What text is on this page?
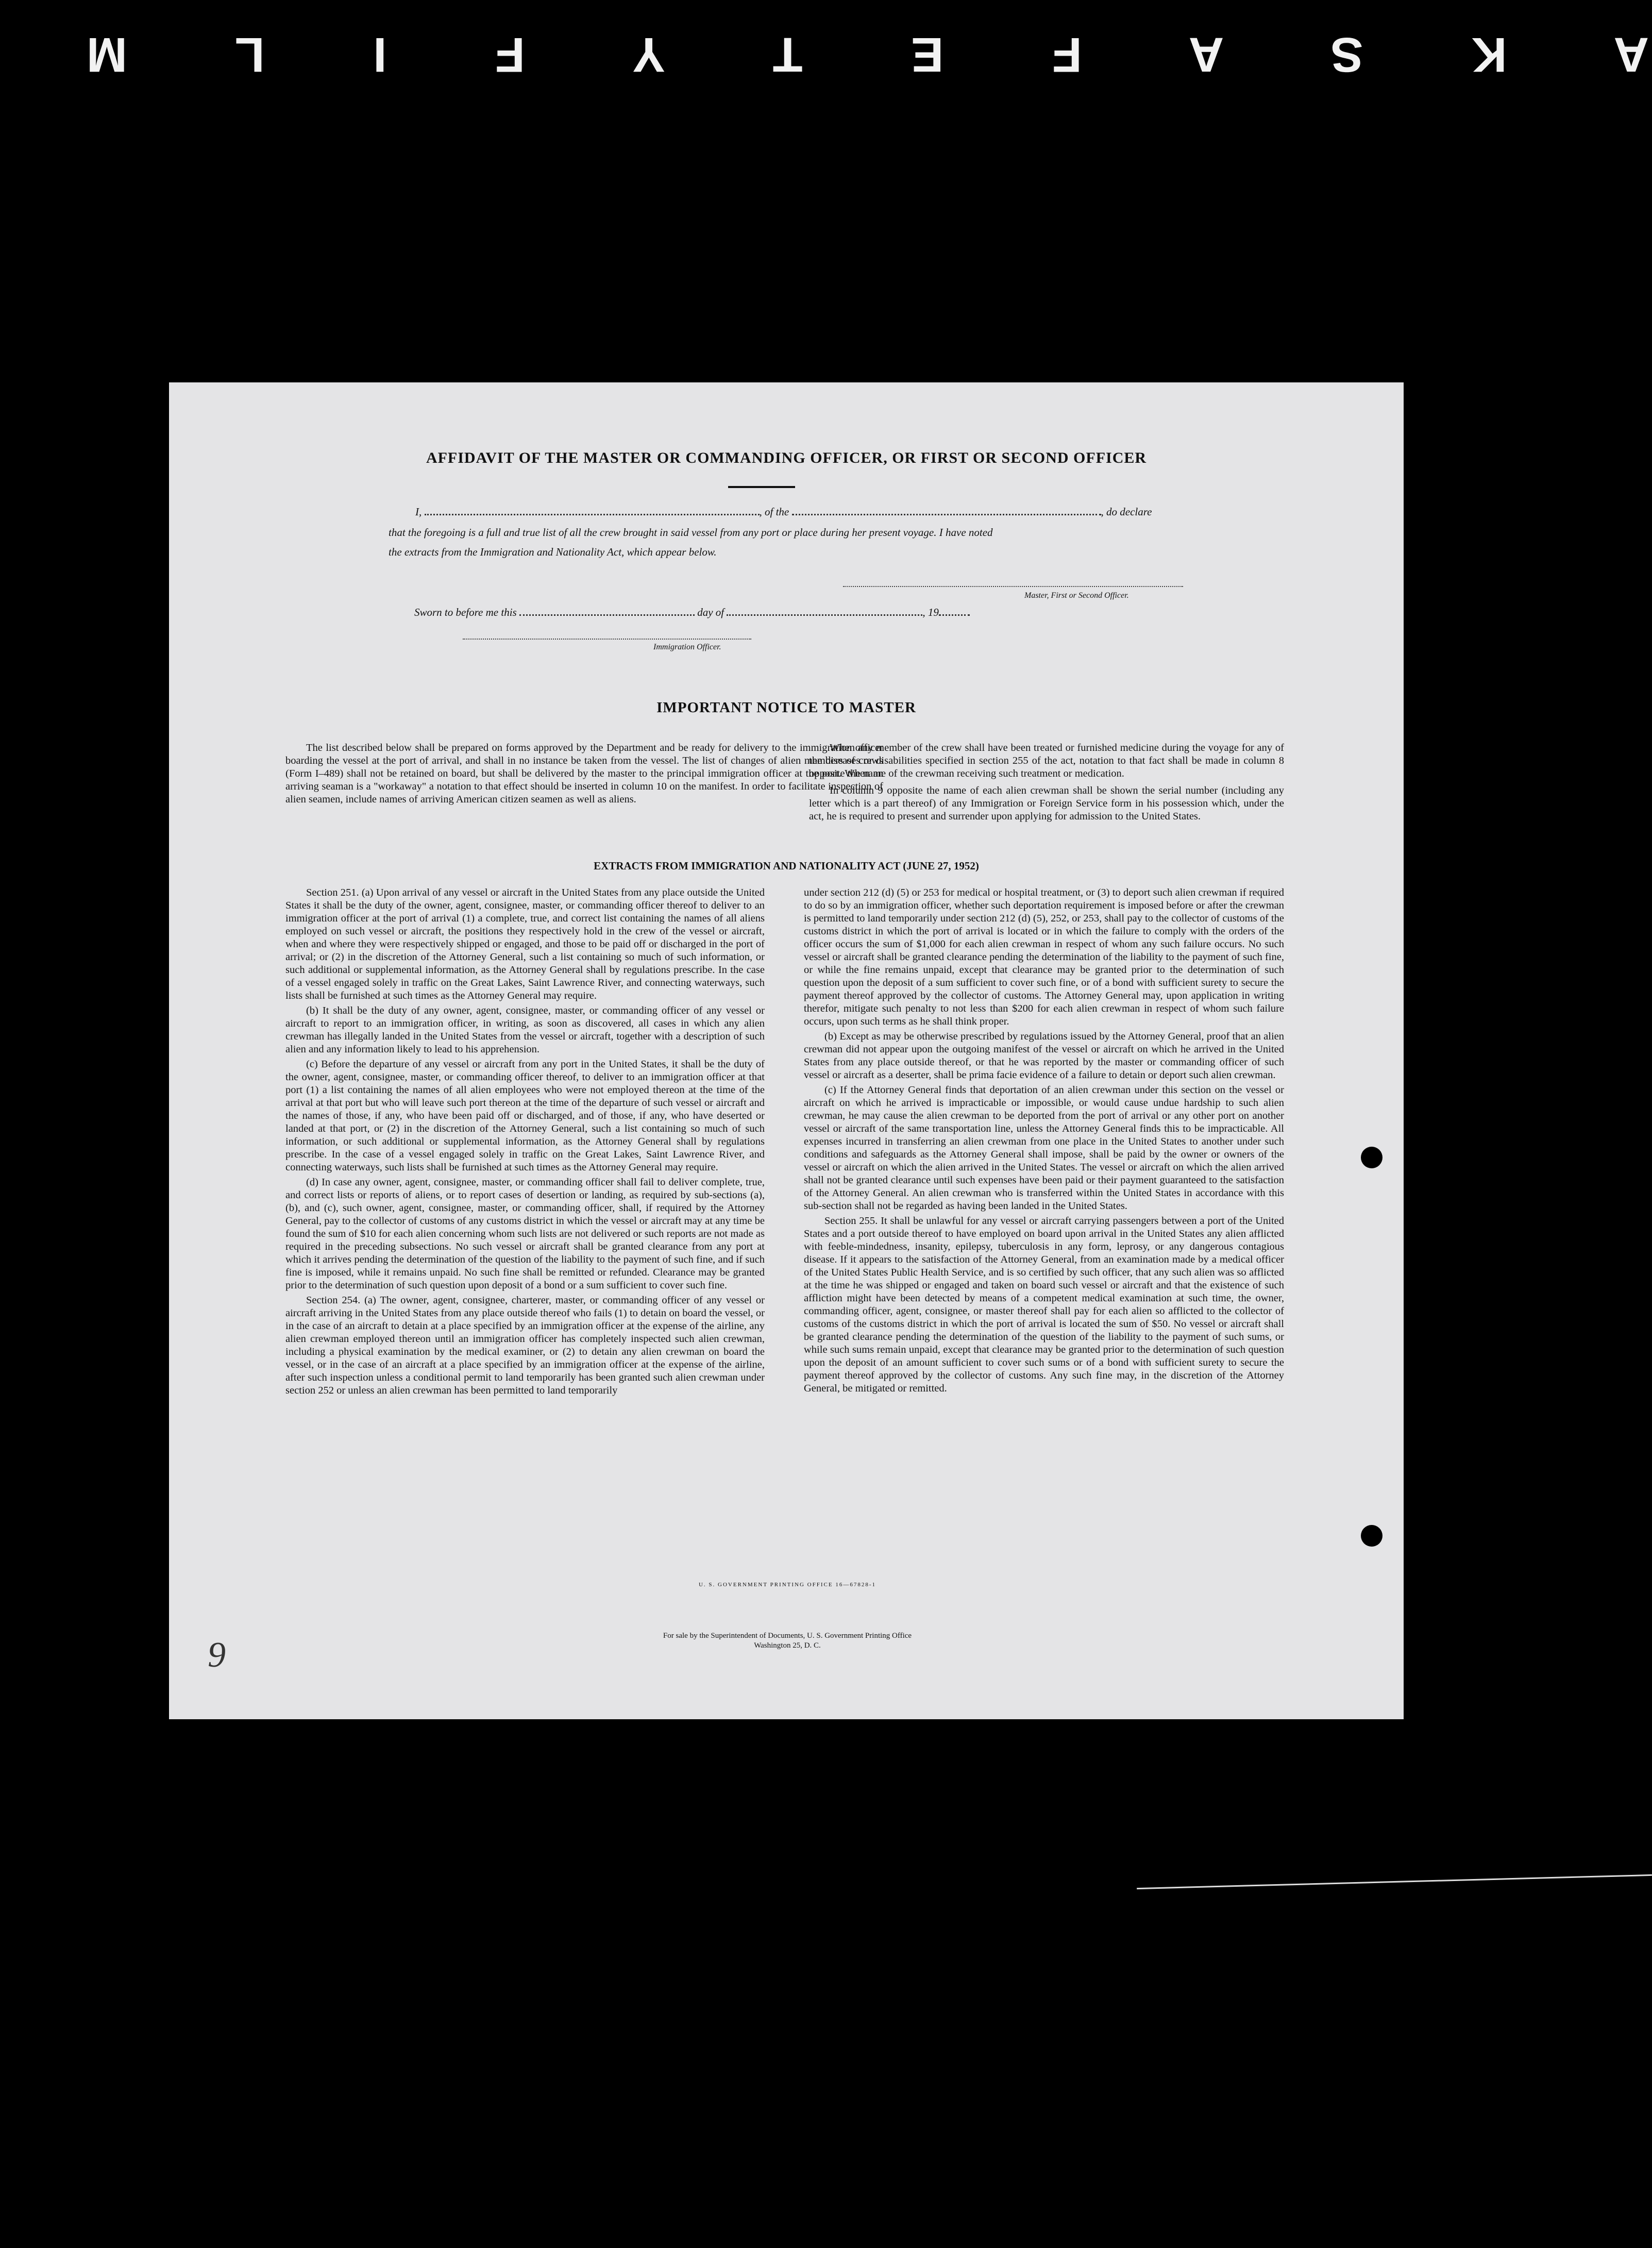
A K S A F E T Y F I L M
AFFIDAVIT OF THE MASTER OR COMMANDING OFFICER, OR FIRST OR SECOND OFFICER
I,	, of the	, do declare
that the foregoing is a full and true list of all the crew brought in said vessel from any port or place during her present voyage. I have noted
the extracts from the Immigration and Nationality Act, which appear below.
Master, First or Second Officer.
Sworn to before me this	day of	, 19
Immigration Officer.
IMPORTANT NOTICE TO MASTER

The list described below shall be prepared on forms approved by the Department and be ready for delivery to the immigration officer boarding the vessel at the port of arrival, and shall in no instance be taken from the vessel. The list of changes of alien members of crews (Form I–489) shall not be retained on board, but shall be delivered by the master to the principal immigration officer at the port. When an arriving seaman is a "workaway" a notation to that effect should be inserted in column 10 on the manifest. In order to facilitate inspection of alien seamen, include names of arriving American citizen seamen as well as aliens.

When any member of the crew shall have been treated or furnished medicine during the voyage for any of the diseases or disabilities specified in section 255 of the act, notation to that fact shall be made in column 8 opposite the name of the crewman receiving such treatment or medication.

In column 9 opposite the name of each alien crewman shall be shown the serial number (including any letter which is a part thereof) of any Immigration or Foreign Service form in his possession which, under the act, he is required to present and surrender upon applying for admission to the United States.

EXTRACTS FROM IMMIGRATION AND NATIONALITY ACT (JUNE 27, 1952)

Section 251. (a) Upon arrival of any vessel or aircraft in the United States from any place outside the United States it shall be the duty of the owner, agent, consignee, master, or commanding officer thereof to deliver to an immigration officer at the port of arrival (1) a complete, true, and correct list containing the names of all aliens employed on such vessel or aircraft, the positions they respectively hold in the crew of the vessel or aircraft, when and where they were respectively shipped or engaged, and those to be paid off or discharged in the port of arrival; or (2) in the discretion of the Attorney General, such a list containing so much of such information, or such additional or supplemental information, as the Attorney General shall by regulations prescribe. In the case of a vessel engaged solely in traffic on the Great Lakes, Saint Lawrence River, and connecting waterways, such lists shall be furnished at such times as the Attorney General may require.

(b) It shall be the duty of any owner, agent, consignee, master, or commanding officer of any vessel or aircraft to report to an immigration officer, in writing, as soon as discovered, all cases in which any alien crewman has illegally landed in the United States from the vessel or aircraft, together with a description of such alien and any information likely to lead to his apprehension.

(c) Before the departure of any vessel or aircraft from any port in the United States, it shall be the duty of the owner, agent, consignee, master, or commanding officer thereof, to deliver to an immigration officer at that port (1) a list containing the names of all alien employees who were not employed thereon at the time of the arrival at that port but who will leave such port thereon at the time of the departure of such vessel or aircraft and the names of those, if any, who have been paid off or discharged, and of those, if any, who have deserted or landed at that port, or (2) in the discretion of the Attorney General, such a list containing so much of such information, or such additional or supplemental information, as the Attorney General shall by regulations prescribe. In the case of a vessel engaged solely in traffic on the Great Lakes, Saint Lawrence River, and connecting waterways, such lists shall be furnished at such times as the Attorney General may require.

(d) In case any owner, agent, consignee, master, or commanding officer shall fail to deliver complete, true, and correct lists or reports of aliens, or to report cases of desertion or landing, as required by sub-sections (a), (b), and (c), such owner, agent, consignee, master, or commanding officer, shall, if required by the Attorney General, pay to the collector of customs of any customs district in which the vessel or aircraft may at any time be found the sum of $10 for each alien concerning whom such lists are not delivered or such reports are not made as required in the preceding subsections. No such vessel or aircraft shall be granted clearance from any port at which it arrives pending the determination of the question of the liability to the payment of such fine, and if such fine is imposed, while it remains unpaid. No such fine shall be remitted or refunded. Clearance may be granted prior to the determination of such question upon deposit of a bond or a sum sufficient to cover such fine.

Section 254. (a) The owner, agent, consignee, charterer, master, or commanding officer of any vessel or aircraft arriving in the United States from any place outside thereof who fails (1) to detain on board the vessel, or in the case of an aircraft to detain at a place specified by an immigration officer at the expense of the airline, any alien crewman employed thereon until an immigration officer has completely inspected such alien crewman, including a physical examination by the medical examiner, or (2) to detain any alien crewman on board the vessel, or in the case of an aircraft at a place specified by an immigration officer at the expense of the airline, after such inspection unless a conditional permit to land temporarily has been granted such alien crewman under section 252 or unless an alien crewman has been permitted to land temporarily

under section 212 (d) (5) or 253 for medical or hospital treatment, or (3) to deport such alien crewman if required to do so by an immigration officer, whether such deportation requirement is imposed before or after the crewman is permitted to land temporarily under section 212 (d) (5), 252, or 253, shall pay to the collector of customs of the customs district in which the port of arrival is located or in which the failure to comply with the orders of the officer occurs the sum of $1,000 for each alien crewman in respect of whom any such failure occurs. No such vessel or aircraft shall be granted clearance pending the determination of the liability to the payment of such fine, or while the fine remains unpaid, except that clearance may be granted prior to the determination of such question upon the deposit of a sum sufficient to cover such fine, or of a bond with sufficient surety to secure the payment thereof approved by the collector of customs. The Attorney General may, upon application in writing therefor, mitigate such penalty to not less than $200 for each alien crewman in respect of whom such failure occurs, upon such terms as he shall think proper.

(b) Except as may be otherwise prescribed by regulations issued by the Attorney General, proof that an alien crewman did not appear upon the outgoing manifest of the vessel or aircraft on which he arrived in the United States from any place outside thereof, or that he was reported by the master or commanding officer of such vessel or aircraft as a deserter, shall be prima facie evidence of a failure to detain or deport such alien crewman.

(c) If the Attorney General finds that deportation of an alien crewman under this section on the vessel or aircraft on which he arrived is impracticable or impossible, or would cause undue hardship to such alien crewman, he may cause the alien crewman to be deported from the port of arrival or any other port on another vessel or aircraft of the same transportation line, unless the Attorney General finds this to be impracticable. All expenses incurred in transferring an alien crewman from one place in the United States to another under such conditions and safeguards as the Attorney General shall impose, shall be paid by the owner or owners of the vessel or aircraft on which the alien arrived in the United States. The vessel or aircraft on which the alien arrived shall not be granted clearance until such expenses have been paid or their payment guaranteed to the satisfaction of the Attorney General. An alien crewman who is transferred within the United States in accordance with this sub-section shall not be regarded as having been landed in the United States.

Section 255. It shall be unlawful for any vessel or aircraft carrying passengers between a port of the United States and a port outside thereof to have employed on board upon arrival in the United States any alien afflicted with feeble-mindedness, insanity, epilepsy, tuberculosis in any form, leprosy, or any dangerous contagious disease. If it appears to the satisfaction of the Attorney General, from an examination made by a medical officer of the United States Public Health Service, and is so certified by such officer, that any such alien was so afflicted at the time he was shipped or engaged and taken on board such vessel or aircraft and that the existence of such affliction might have been detected by means of a competent medical examination at such time, the owner, commanding officer, agent, consignee, or master thereof shall pay for each alien so afflicted to the collector of customs of the customs district in which the port of arrival is located the sum of $50. No vessel or aircraft shall be granted clearance pending the determination of the question of the liability to the payment of such sums, or while such sums remain unpaid, except that clearance may be granted prior to the determination of such question upon the deposit of an amount sufficient to cover such sums or of a bond with sufficient surety to secure the payment thereof approved by the collector of customs. Any such fine may, in the discretion of the Attorney General, be mitigated or remitted.

U. S. GOVERNMENT PRINTING OFFICE 16—67828-1
For sale by the Superintendent of Documents, U. S. Government Printing Office
Washington 25, D. C.
9
